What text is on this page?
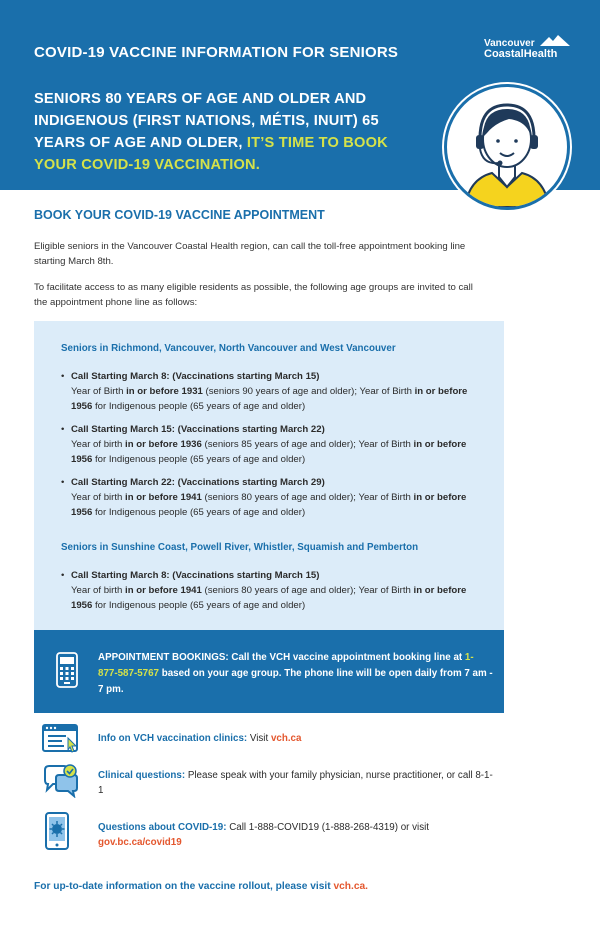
COVID-19 VACCINE INFORMATION FOR SENIORS
Vancouver
CoastalHealth
SENIORS 80 YEARS OF AGE AND OLDER AND INDIGENOUS (FIRST NATIONS, MÉTIS, INUIT) 65 YEARS OF AGE AND OLDER, IT’S TIME TO BOOK YOUR COVID-19 VACCINATION.
BOOK YOUR COVID-19 VACCINE APPOINTMENT
Eligible seniors in the Vancouver Coastal Health region, can call the toll-free appointment booking line starting March 8th.
To facilitate access to as many eligible residents as possible, the following age groups are invited to call the appointment phone line as follows:
Seniors in Richmond, Vancouver, North Vancouver and West Vancouver
• Call Starting March 8: (Vaccinations starting March 15)
Year of Birth in or before 1931 (seniors 90 years of age and older); Year of Birth in or before 1956 for Indigenous people (65 years of age and older)
• Call Starting March 15: (Vaccinations starting March 22)
Year of birth in or before 1936 (seniors 85 years of age and older); Year of Birth in or before 1956 for Indigenous people (65 years of age and older)
• Call Starting March 22: (Vaccinations starting March 29)
Year of birth in or before 1941 (seniors 80 years of age and older); Year of Birth in or before 1956 for Indigenous people (65 years of age and older)
Seniors in Sunshine Coast, Powell River, Whistler, Squamish and Pemberton
• Call Starting March 8: (Vaccinations starting March 15)
Year of birth in or before 1941 (seniors 80 years of age and older); Year of Birth in or before 1956 for Indigenous people (65 years of age and older)
APPOINTMENT BOOKINGS: Call the VCH vaccine appointment booking line at 1-877-587-5767 based on your age group. The phone line will be open daily from 7 am - 7 pm.
Info on VCH vaccination clinics: Visit vch.ca
Clinical questions: Please speak with your family physician, nurse practitioner, or call 8-1-1
Questions about COVID-19: Call 1-888-COVID19 (1-888-268-4319) or visit gov.bc.ca/covid19
For up-to-date information on the vaccine rollout, please visit vch.ca.
